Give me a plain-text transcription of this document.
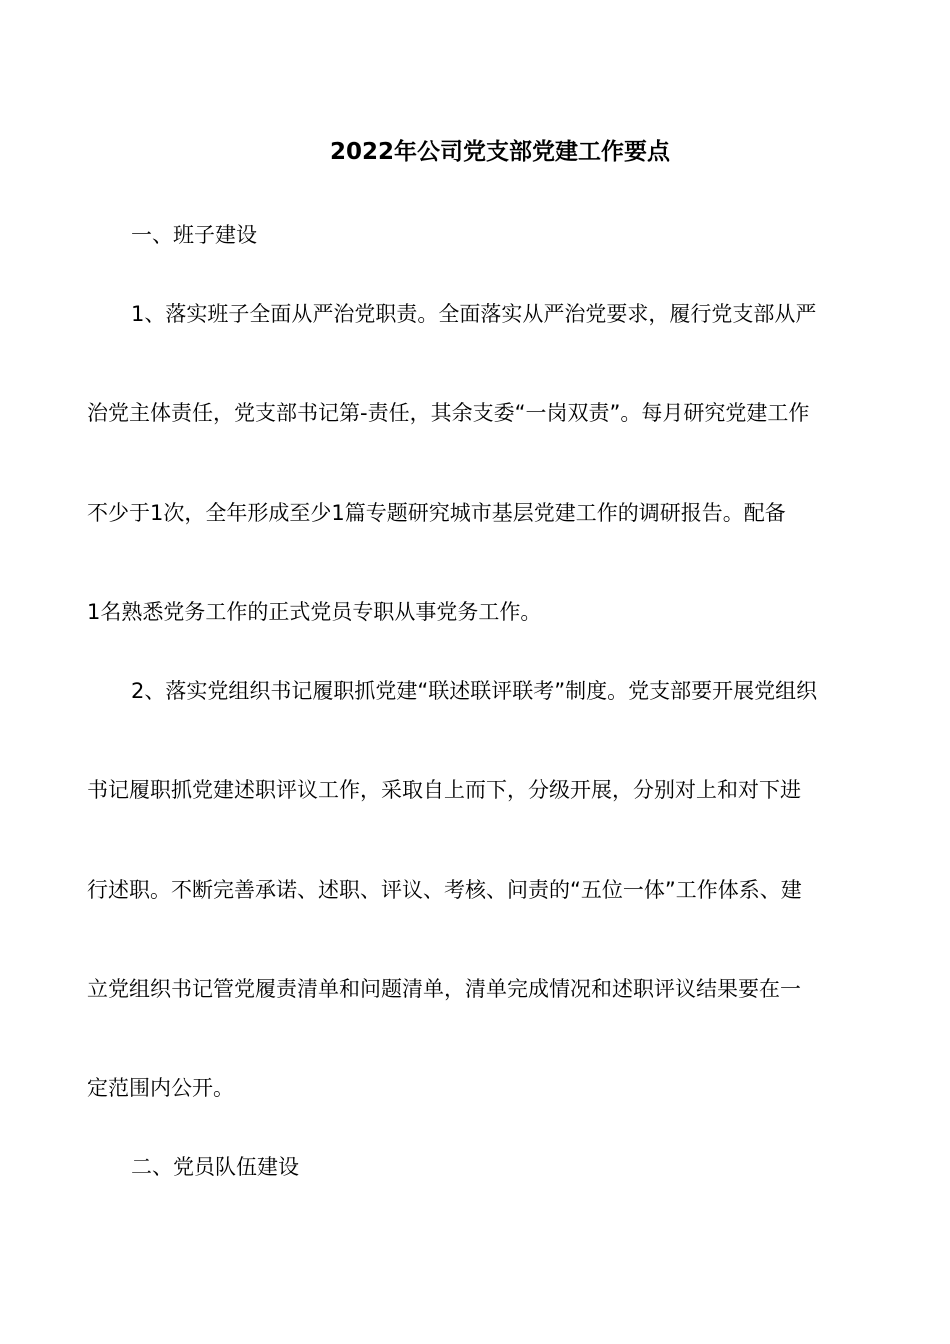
2022年公司党支部党建工作要点
一、班子建设
1、落实班子全面从严治党职责。全面落实从严治党要求，履行党支部从严
治党主体责任，党支部书记第-责任，其余支委“一岗双责”。每月研究党建工作
不少于1次，全年形成至少1篇专题研究城市基层党建工作的调研报告。配备
1名熟悉党务工作的正式党员专职从事党务工作。
2、落实党组织书记履职抓党建“联述联评联考”制度。党支部要开展党组织
书记履职抓党建述职评议工作，采取自上而下，分级开展，分别对上和对下进
行述职。不断完善承诺、述职、评议、考核、问责的“五位一体”工作体系、建
立党组织书记管党履责清单和问题清单，清单完成情况和述职评议结果要在一
定范围内公开。
二、党员队伍建设
